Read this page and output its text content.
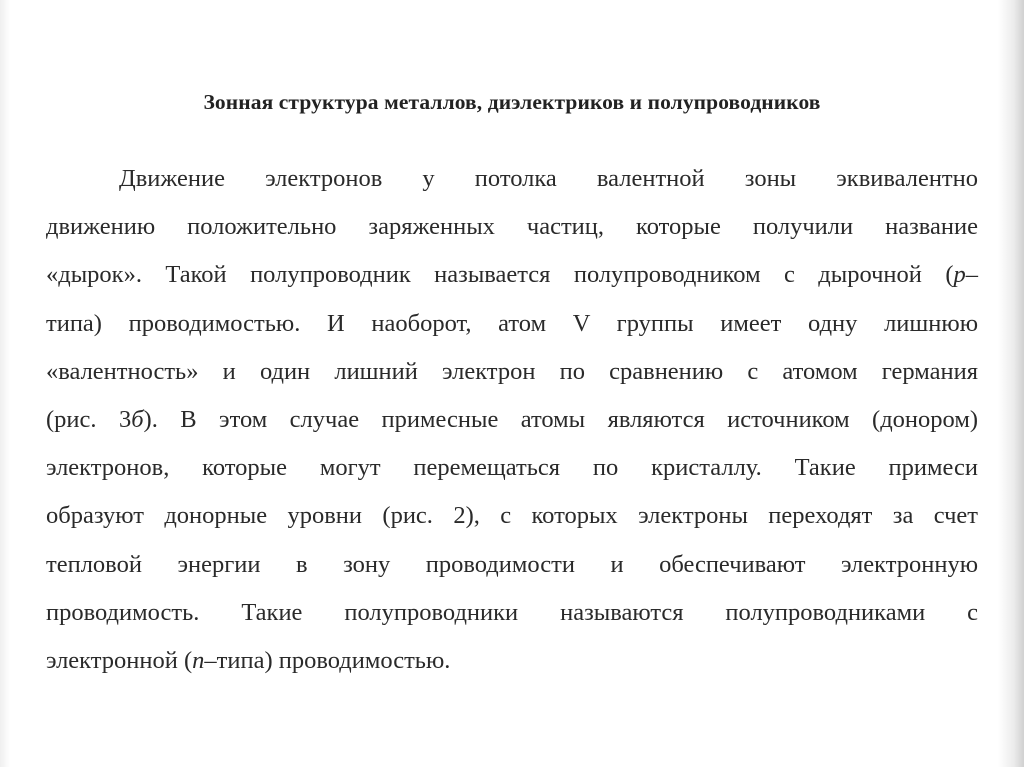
Зонная структура металлов, диэлектриков и полупроводников
Движение электронов у потолка валентной зоны эквивалентно
движению положительно заряженных частиц, которые получили название
«дырок». Такой полупроводник называется полупроводником с дырочной (р–
типа) проводимостью. И наоборот, атом V группы имеет одну лишнюю
«валентность» и один лишний электрон по сравнению с атомом германия
(рис. 3б). В этом случае примесные атомы являются источником (донором)
электронов, которые могут перемещаться по кристаллу. Такие примеси
образуют донорные уровни (рис. 2), с которых электроны переходят за счет
тепловой энергии в зону проводимости и обеспечивают электронную
проводимость. Такие полупроводники называются полупроводниками с
электронной (n–типа) проводимостью.
